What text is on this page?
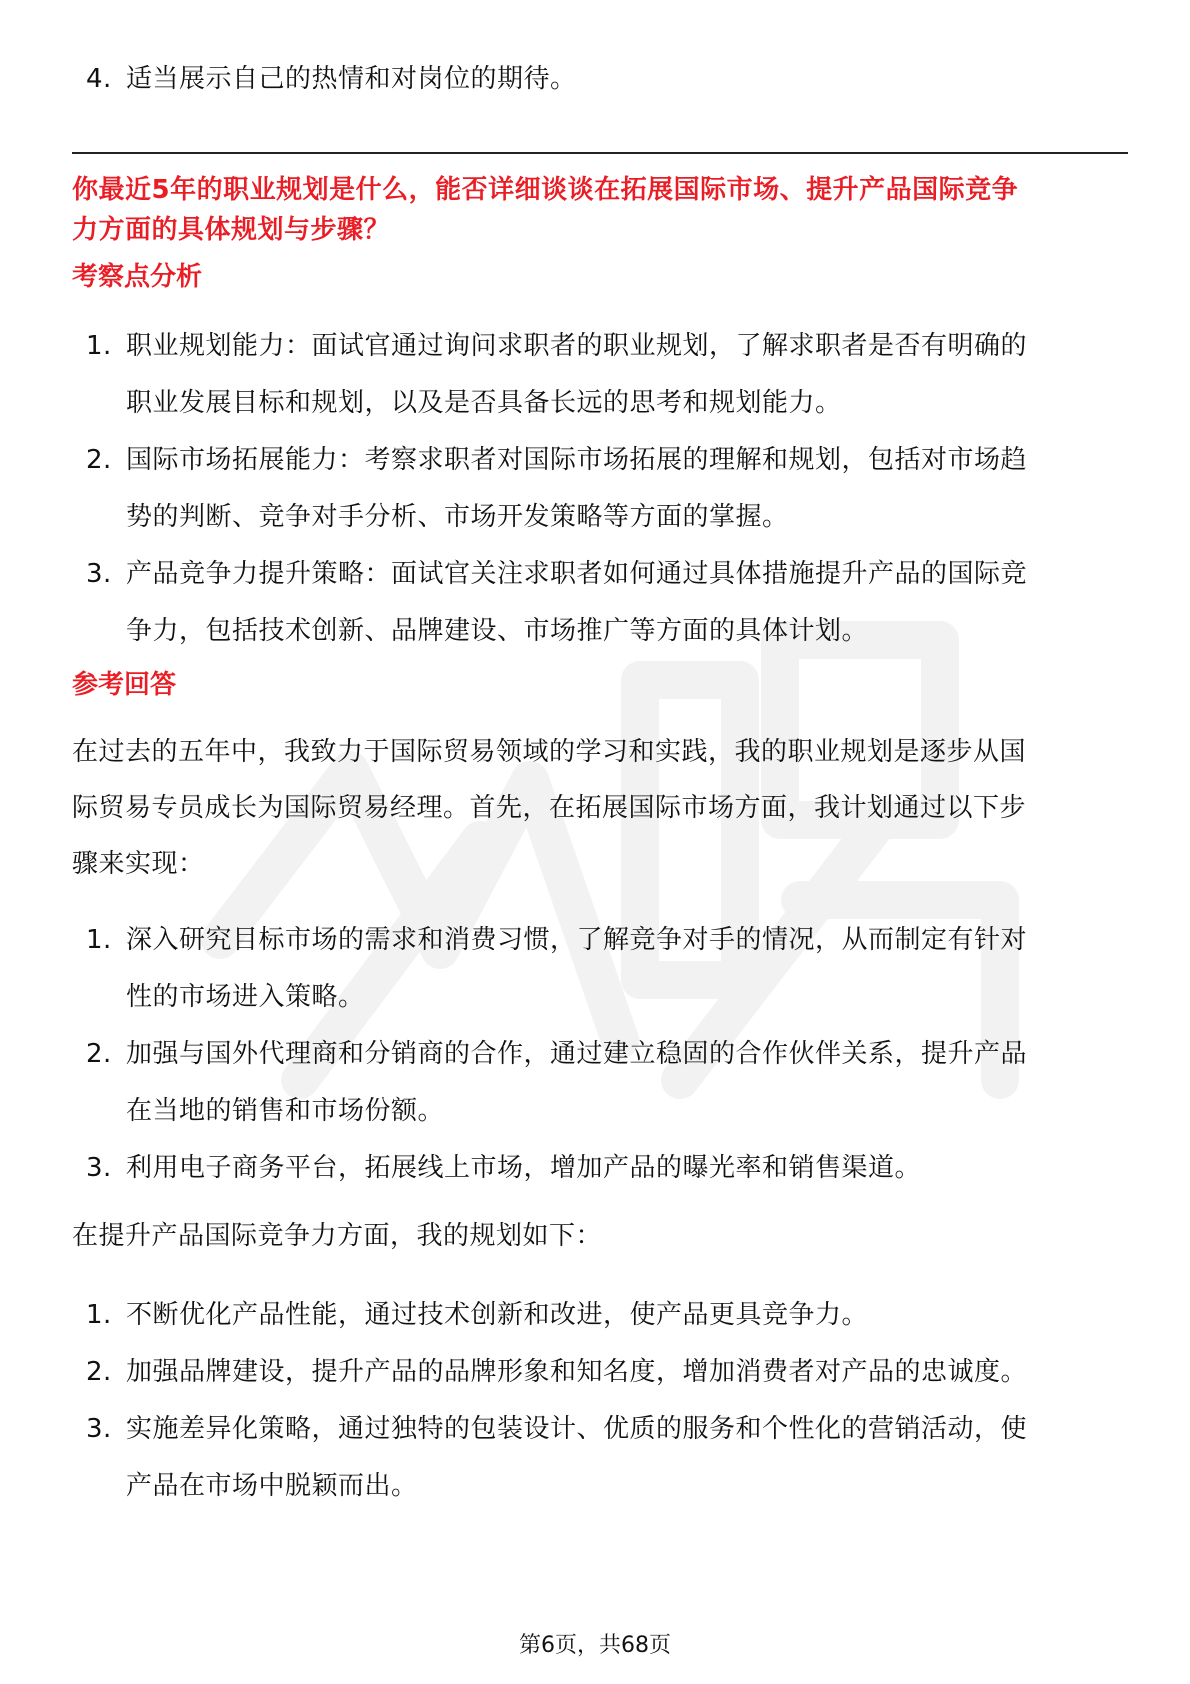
4. 适当展示自己的热情和对岗位的期待。
你最近5年的职业规划是什么，能否详细谈谈在拓展国际市场、提升产品国际竞争
力方面的具体规划与步骤？
考察点分析
1. 职业规划能力：面试官通过询问求职者的职业规划，了解求职者是否有明确的
职业发展目标和规划，以及是否具备长远的思考和规划能力。
2. 国际市场拓展能力：考察求职者对国际市场拓展的理解和规划，包括对市场趋
势的判断、竞争对手分析、市场开发策略等方面的掌握。
3. 产品竞争力提升策略：面试官关注求职者如何通过具体措施提升产品的国际竞
争力，包括技术创新、品牌建设、市场推广等方面的具体计划。
参考回答
在过去的五年中，我致力于国际贸易领域的学习和实践，我的职业规划是逐步从国
际贸易专员成长为国际贸易经理。首先，在拓展国际市场方面，我计划通过以下步
骤来实现：
1. 深入研究目标市场的需求和消费习惯，了解竞争对手的情况，从而制定有针对
性的市场进入策略。
2. 加强与国外代理商和分销商的合作，通过建立稳固的合作伙伴关系，提升产品
在当地的销售和市场份额。
3. 利用电子商务平台，拓展线上市场，增加产品的曝光率和销售渠道。
在提升产品国际竞争力方面，我的规划如下：
1. 不断优化产品性能，通过技术创新和改进，使产品更具竞争力。
2. 加强品牌建设，提升产品的品牌形象和知名度，增加消费者对产品的忠诚度。
3. 实施差异化策略，通过独特的包装设计、优质的服务和个性化的营销活动，使
产品在市场中脱颖而出。
第6页，共68页
